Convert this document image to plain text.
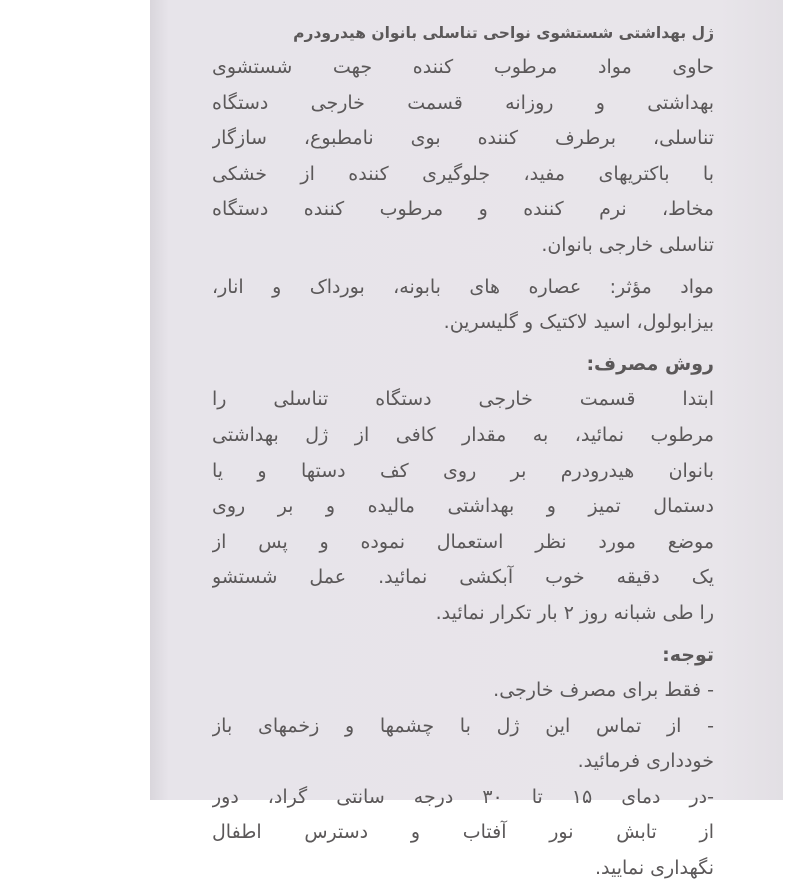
ژل بهداشتی شستشوی نواحی تناسلی بانوان هیدرودرم
حاوی مواد مرطوب کننده جهت شستشوی
بهداشتی و روزانه قسمت خارجی دستگاه
تناسلی، برطرف کننده بوی نامطبوع، سازگار
با باکتریهای مفید، جلوگیری کننده از خشکی
مخاط، نرم کننده و مرطوب کننده دستگاه
تناسلی خارجی بانوان.
مواد مؤثر: عصاره های بابونه، بورداک و انار،
بیزابولول، اسید لاکتیک و گلیسرین.
روش مصرف:
ابتدا قسمت خارجی دستگاه تناسلی را
مرطوب نمائید، به مقدار کافی از ژل بهداشتی
بانوان هیدرودرم بر روی کف دستها و یا
دستمال تمیز و بهداشتی مالیده و بر روی
موضع مورد نظر استعمال نموده و پس از
یک دقیقه خوب آبکشی نمائید. عمل شستشو
را طی شبانه روز ۲ بار تکرار نمائید.
توجه:
- فقط برای مصرف خارجی.
- از تماس این ژل با چشمها و زخمهای باز
خودداری فرمائید.
-در دمای ۱۵ تا ۳۰ درجه سانتی گراد، دور
از تابش نور آفتاب و دسترس اطفال
نگهداری نمایید.
